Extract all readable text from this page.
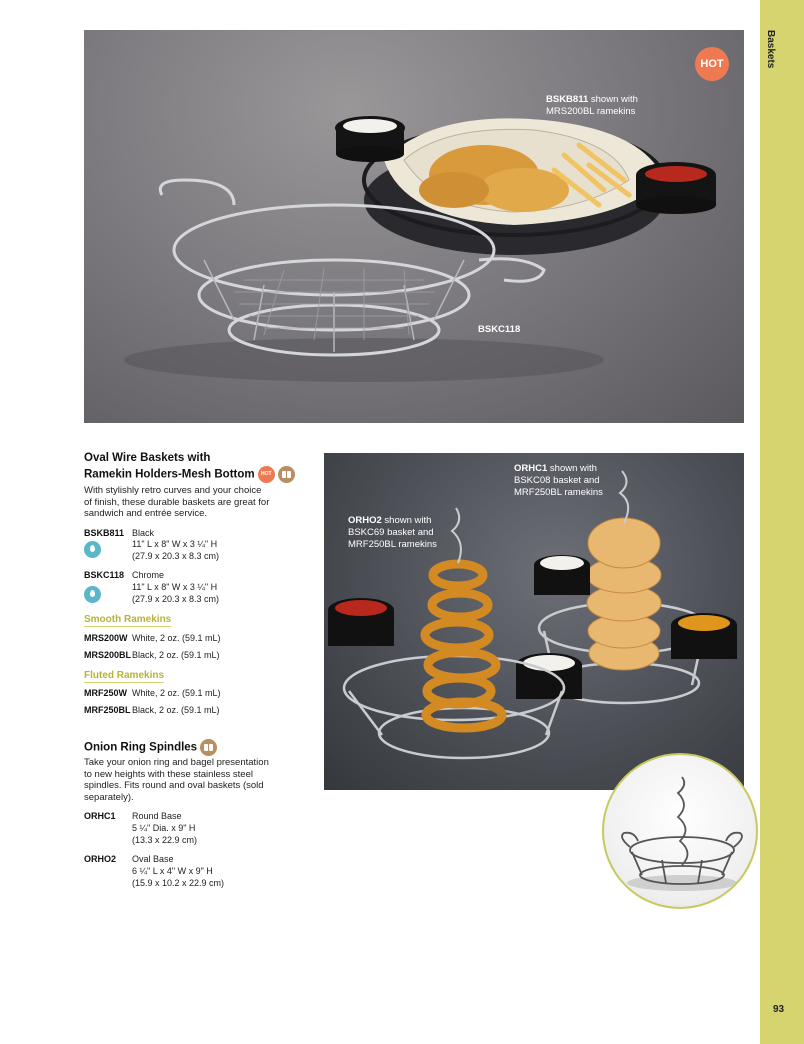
Baskets
93
HOT
BSKB811 shown with
MRS200BL ramekins
BSKC118
Oval Wire Baskets with
Ramekin Holders-Mesh Bottom HOT
With stylishly retro curves and your choice
of finish, these durable baskets are great for
sandwich and entrée service.
BSKB811 Black
11" L x 8" W x 3 ¼" H
(27.9 x 20.3 x 8.3 cm)
BSKC118 Chrome
11" L x 8" W x 3 ¼" H
(27.9 x 20.3 x 8.3 cm)
Smooth Ramekins
MRS200W White, 2 oz. (59.1 mL)
MRS200BL Black, 2 oz. (59.1 mL)
Fluted Ramekins
MRF250W White, 2 oz. (59.1 mL)
MRF250BL Black, 2 oz. (59.1 mL)
Onion Ring Spindles
Take your onion ring and bagel presentation
to new heights with these stainless steel
spindles. Fits round and oval baskets (sold
separately).
ORHC1 Round Base
5 ¼" Dia. x 9" H
(13.3 x 22.9 cm)
ORHO2 Oval Base
6 ¼" L x 4" W x 9" H
(15.9 x 10.2 x 22.9 cm)
ORHC1 shown with
BSKC08 basket and
MRF250BL ramekins
ORHO2 shown with
BSKC69 basket and
MRF250BL ramekins
